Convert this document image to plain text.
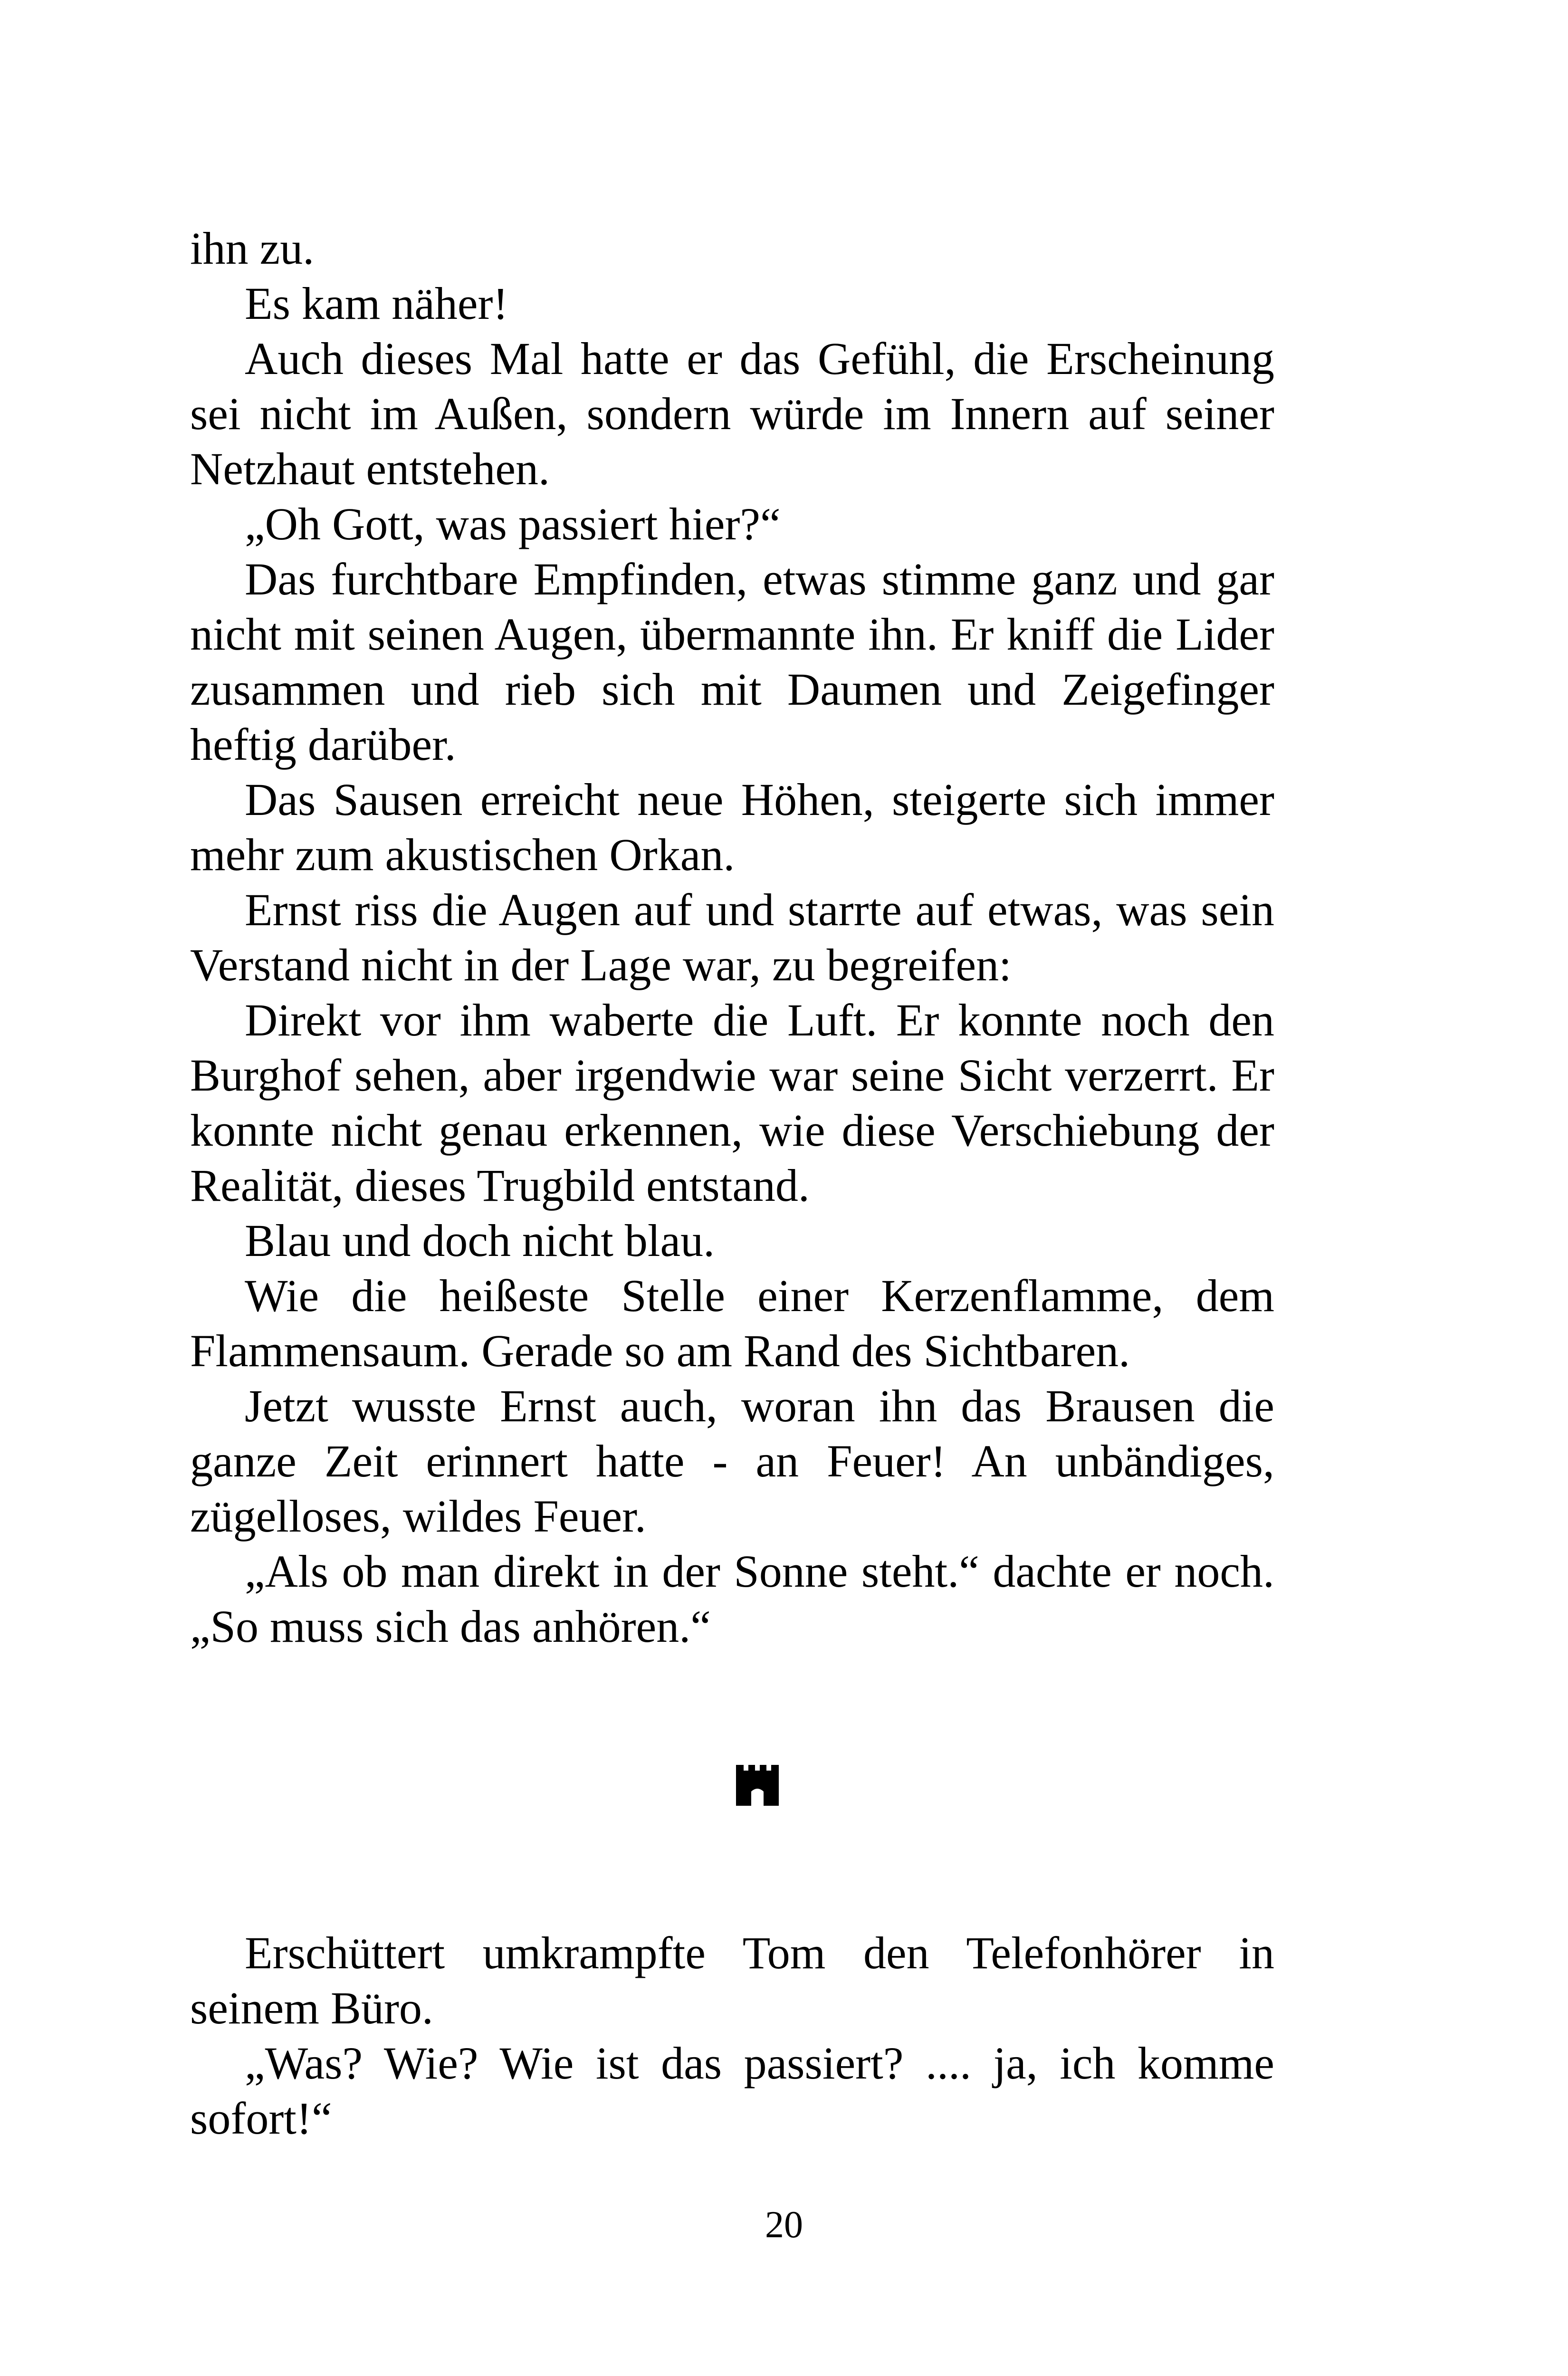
ihn zu.

Es kam näher!

Auch dieses Mal hatte er das Gefühl, die Erscheinung sei nicht im Außen, sondern würde im Innern auf seiner Netzhaut entstehen.

„Oh Gott, was passiert hier?“

Das furchtbare Empfinden, etwas stimme ganz und gar nicht mit seinen Augen, übermannte ihn. Er kniff die Lider zusammen und rieb sich mit Daumen und Zeigefinger heftig darüber.

Das Sausen erreicht neue Höhen, steigerte sich immer mehr zum akustischen Orkan.

Ernst riss die Augen auf und starrte auf etwas, was sein Verstand nicht in der Lage war, zu begreifen:

Direkt vor ihm waberte die Luft. Er konnte noch den Burghof sehen, aber irgendwie war seine Sicht verzerrt. Er konnte nicht genau erkennen, wie diese Verschiebung der Realität, dieses Trugbild entstand.

Blau und doch nicht blau.

Wie die heißeste Stelle einer Kerzenflamme, dem Flammensaum. Gerade so am Rand des Sichtbaren.

Jetzt wusste Ernst auch, woran ihn das Brausen die ganze Zeit erinnert hatte - an Feuer! An unbändiges, zügelloses, wildes Feuer.

„Als ob man direkt in der Sonne steht.“ dachte er noch. „So muss sich das anhören.“

Erschüttert umkrampfte Tom den Telefonhörer in seinem Büro.

„Was? Wie? Wie ist das passiert? .... ja, ich komme sofort!“

20
